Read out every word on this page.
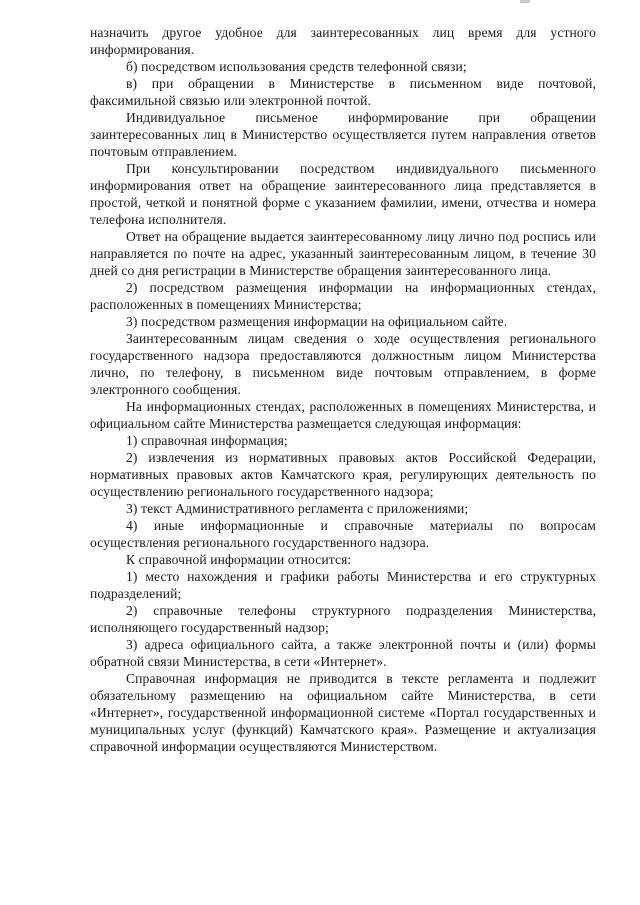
назначить другое удобное для заинтересованных лиц время для устного информирования.

б) посредством использования средств телефонной связи;

в) при обращении в Министерстве в письменном виде почтовой, факсимильной связью или электронной почтой.

Индивидуальное письменое информирование при обращении заинтересованных лиц в Министерство осуществляется путем направления ответов почтовым отправлением.

При консультировании посредством индивидуального письменного информирования ответ на обращение заинтересованного лица представляется в простой, четкой и понятной форме с указанием фамилии, имени, отчества и номера телефона исполнителя.

Ответ на обращение выдается заинтересованному лицу лично под роспись или направляется по почте на адрес, указанный заинтересованным лицом, в течение 30 дней со дня регистрации в Министерстве обращения заинтересованного лица.

2) посредством размещения информации на информационных стендах, расположенных в помещениях Министерства;

3) посредством размещения информации на официальном сайте.

Заинтересованным лицам сведения о ходе осуществления регионального государственного надзора предоставляются должностным лицом Министерства лично, по телефону, в письменном виде почтовым отправлением, в форме электронного сообщения.

На информационных стендах, расположенных в помещениях Министерства, и официальном сайте Министерства размещается следующая информация:

1) справочная информация;

2) извлечения из нормативных правовых актов Российской Федерации, нормативных правовых актов Камчатского края, регулирующих деятельность по осуществлению регионального государственного надзора;

3) текст Административного регламента с приложениями;

4) иные информационные и справочные материалы по вопросам осуществления регионального государственного надзора.

К справочной информации относится:

1) место нахождения и графики работы Министерства и его структурных подразделений;

2) справочные телефоны структурного подразделения Министерства, исполняющего государственный надзор;

3) адреса официального сайта, а также электронной почты и (или) формы обратной связи Министерства, в сети «Интернет».

Справочная информация не приводится в тексте регламента и подлежит обязательному размещению на официальном сайте Министерства, в сети «Интернет», государственной информационной системе «Портал государственных и муниципальных услуг (функций) Камчатского края». Размещение и актуализация справочной информации осуществляются Министерством.
